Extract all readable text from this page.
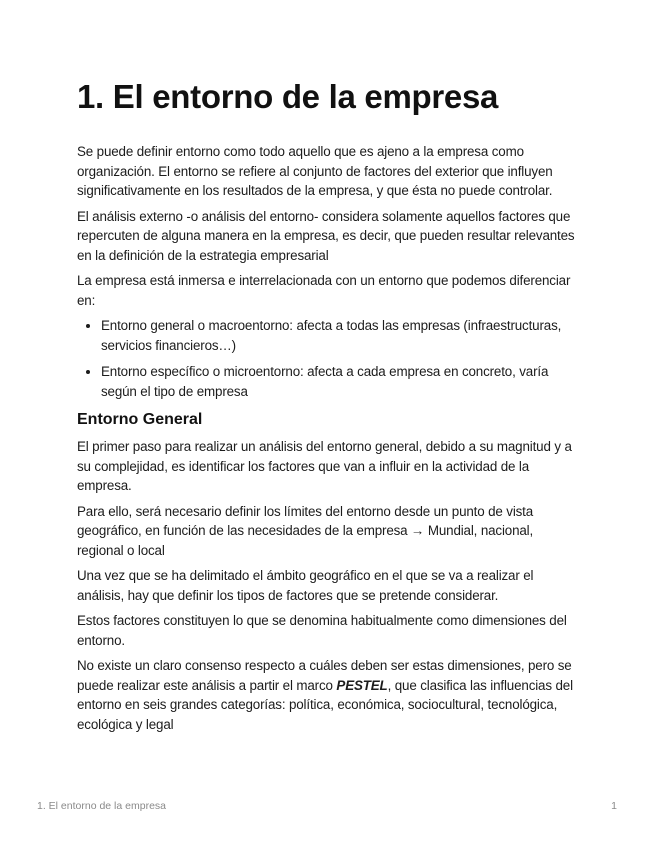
1. El entorno de la empresa

Se puede definir entorno como todo aquello que es ajeno a la empresa como organización. El entorno se refiere al conjunto de factores del exterior que influyen significativamente en los resultados de la empresa, y que ésta no puede controlar.

El análisis externo -o análisis del entorno- considera solamente aquellos factores que repercuten de alguna manera en la empresa, es decir, que pueden resultar relevantes en la definición de la estrategia empresarial

La empresa está inmersa e interrelacionada con un entorno que podemos diferenciar en:

• Entorno general o macroentorno: afecta a todas las empresas (infraestructuras, servicios financieros…)
• Entorno específico o microentorno: afecta a cada empresa en concreto, varía según el tipo de empresa
Entorno General

El primer paso para realizar un análisis del entorno general, debido a su magnitud y a su complejidad, es identificar los factores que van a influir en la actividad de la empresa.

Para ello, será necesario definir los límites del entorno desde un punto de vista geográfico, en función de las necesidades de la empresa → Mundial, nacional, regional o local

Una vez que se ha delimitado el ámbito geográfico en el que se va a realizar el análisis, hay que definir los tipos de factores que se pretende considerar.

Estos factores constituyen lo que se denomina habitualmente como dimensiones del entorno.

No existe un claro consenso respecto a cuáles deben ser estas dimensiones, pero se puede realizar este análisis a partir el marco PESTEL, que clasifica las influencias del entorno en seis grandes categorías: política, económica, sociocultural, tecnológica, ecológica y legal

1. El entorno de la empresa	1
